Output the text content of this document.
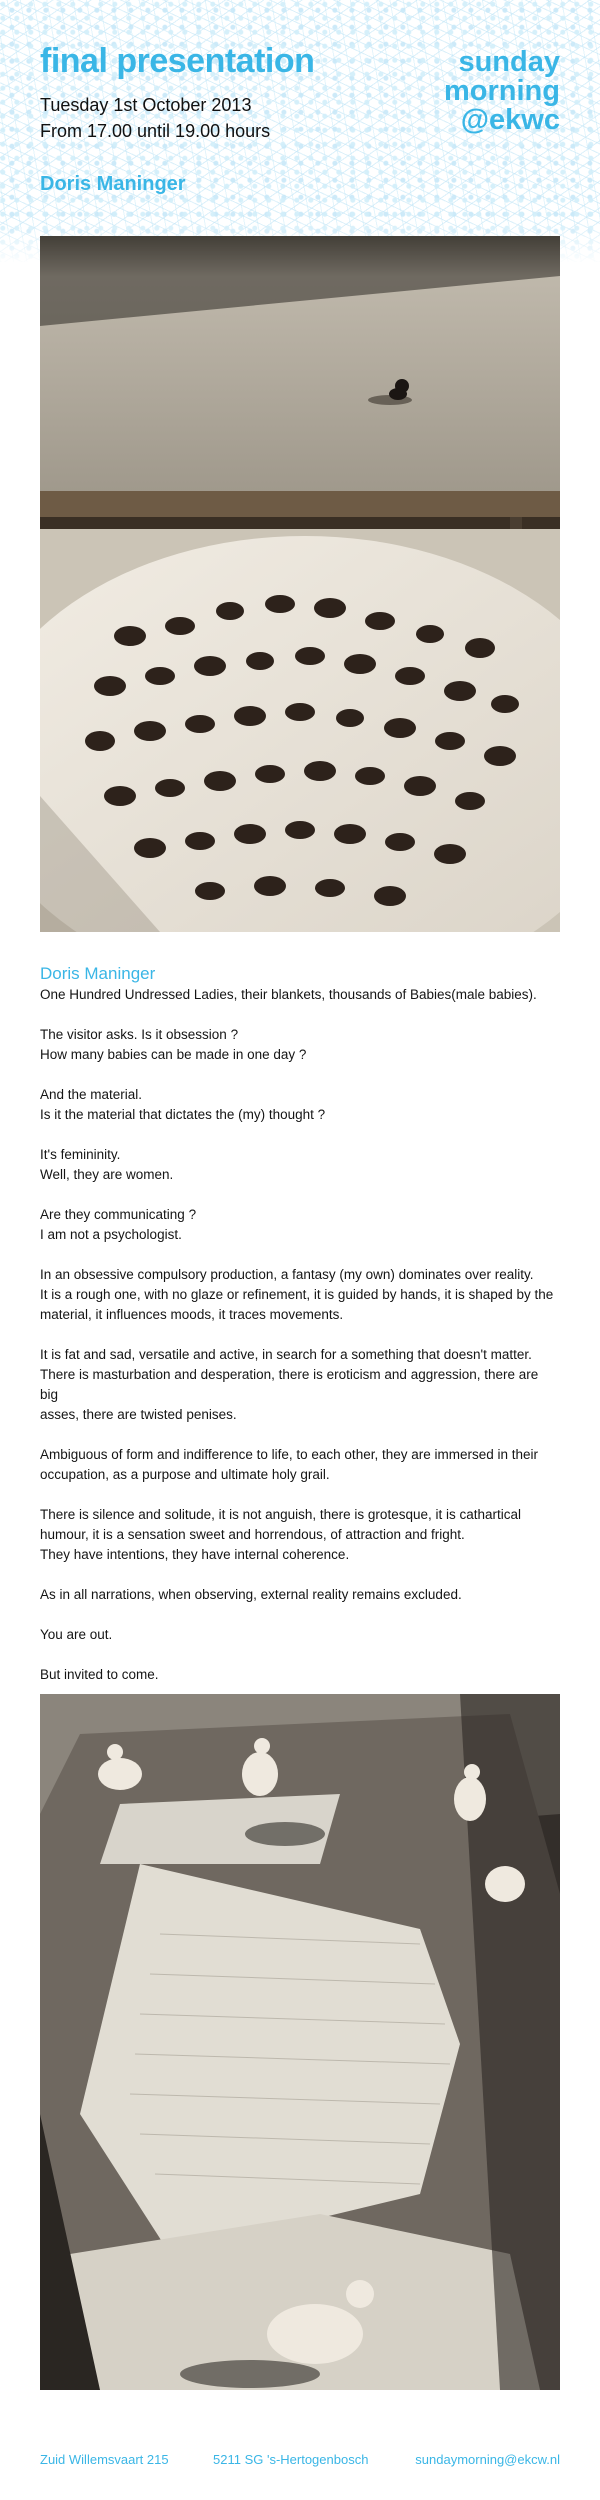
final presentation
Tuesday 1st October 2013
From 17.00 until 19.00 hours
Doris Maninger
sunday
morning
@ekwc
Doris Maninger

One Hundred Undressed Ladies, their blankets, thousands of Babies(male babies).

The visitor asks. Is it obsession ?
How many babies can be made in one day ?

And the material.
Is it the material that dictates the (my) thought ?

It's femininity.
Well, they are women.

Are they communicating ?
I am not a psychologist.

In an obsessive compulsory production, a fantasy (my own) dominates over reality.
It is a rough one, with no glaze or refinement, it is guided by hands, it is shaped by the
material, it influences moods, it traces movements.

It is fat and sad, versatile and active, in search for a something that doesn't matter.
There is masturbation and desperation, there is eroticism and aggression, there are big
asses, there are twisted penises.

Ambiguous of form and indifference to life, to each other, they are immersed in their
occupation, as a purpose and ultimate holy grail.

There is silence and solitude, it is not anguish, there is grotesque, it is cathartical
humour, it is a sensation sweet and horrendous, of attraction and fright.
They have intentions, they have internal coherence.

As in all narrations, when observing, external reality remains excluded.

You are out.

But invited to come.

Zuid Willemsvaart 215	5211 SG 's-Hertogenbosch	sundaymorning@ekcw.nl
